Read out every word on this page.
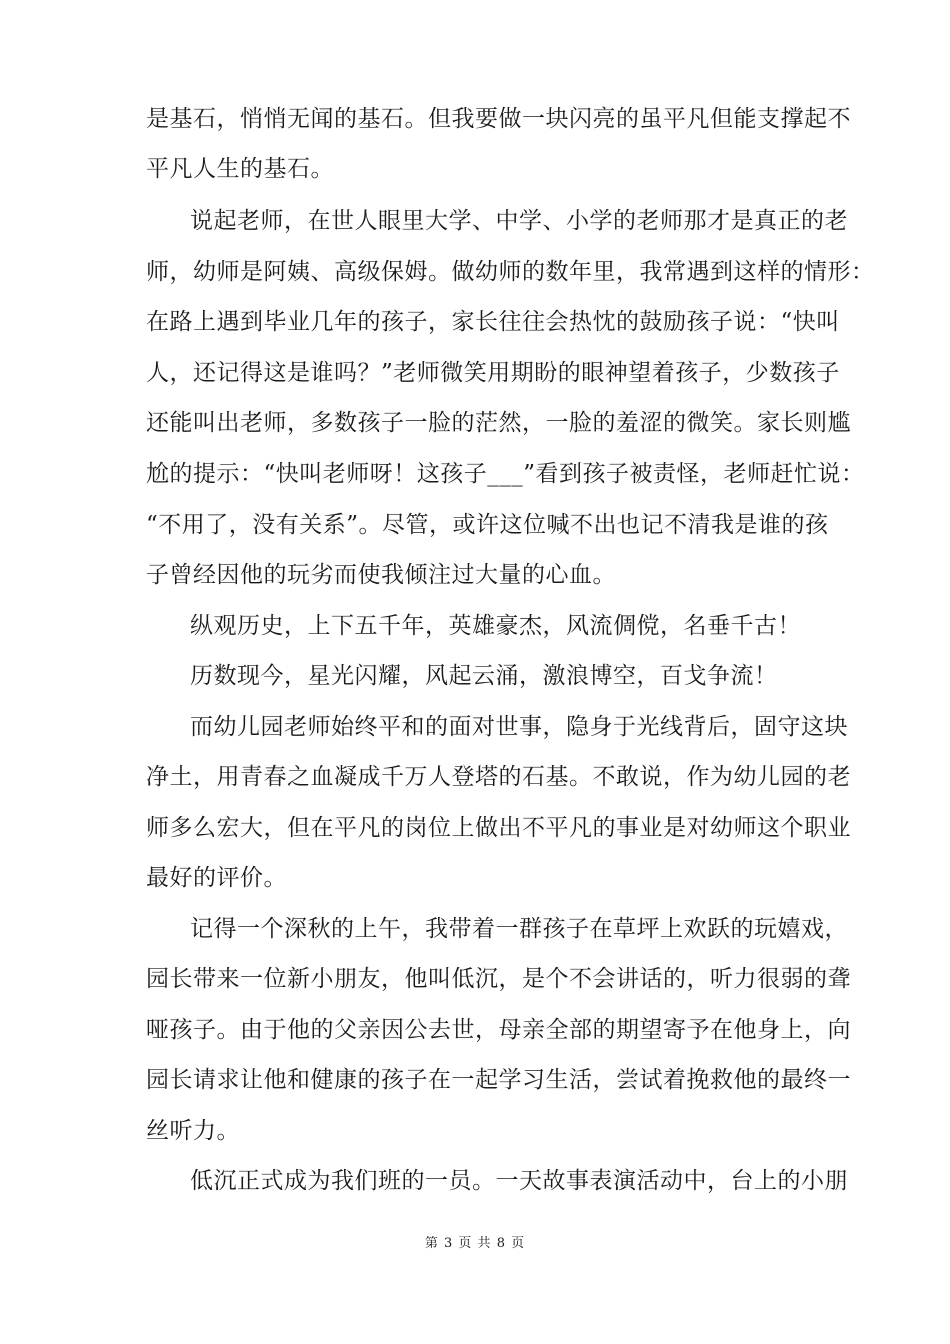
是基石，悄悄无闻的基石。但我要做一块闪亮的虽平凡但能支撑起不
平凡人生的基石。
说起老师，在世人眼里大学、中学、小学的老师那才是真正的老
师，幼师是阿姨、高级保姆。做幼师的数年里，我常遇到这样的情形：
在路上遇到毕业几年的孩子，家长往往会热忱的鼓励孩子说：“快叫
人，还记得这是谁吗？”老师微笑用期盼的眼神望着孩子，少数孩子
还能叫出老师，多数孩子一脸的茫然，一脸的羞涩的微笑。家长则尴
尬的提示：“快叫老师呀！这孩子___”看到孩子被责怪，老师赶忙说：
“不用了，没有关系”。尽管，或许这位喊不出也记不清我是谁的孩
子曾经因他的玩劣而使我倾注过大量的心血。
纵观历史，上下五千年，英雄豪杰，风流倜傥，名垂千古！
历数现今，星光闪耀，风起云涌，激浪博空，百戈争流！
而幼儿园老师始终平和的面对世事，隐身于光线背后，固守这块
净土，用青春之血凝成千万人登塔的石基。不敢说，作为幼儿园的老
师多么宏大，但在平凡的岗位上做出不平凡的事业是对幼师这个职业
最好的评价。
记得一个深秋的上午，我带着一群孩子在草坪上欢跃的玩嬉戏，
园长带来一位新小朋友，他叫低沉，是个不会讲话的，听力很弱的聋
哑孩子。由于他的父亲因公去世，母亲全部的期望寄予在他身上，向
园长请求让他和健康的孩子在一起学习生活，尝试着挽救他的最终一
丝听力。
低沉正式成为我们班的一员。一天故事表演活动中，台上的小朋
第 3 页 共 8 页
